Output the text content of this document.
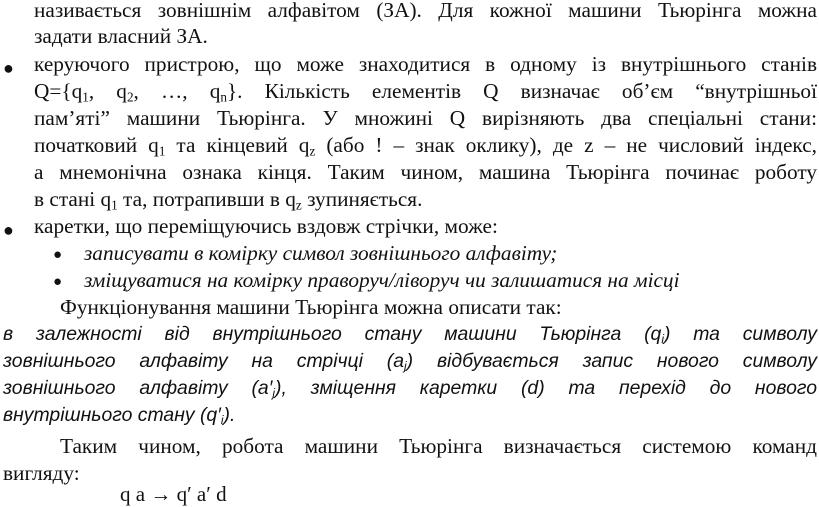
називається зовнішнім алфавітом (ЗА). Для кожної машини Тьюрінга можна
задати власний ЗА.
● керуючого пристрою, що може знаходитися в одному із внутрішнього станів
$Q=\{q_1$, $q_2$, …, $q_n$}. Кількість елементів Q визначає об’єм “внутрішньої
пам’яті” машини Тьюрінга. У множині Q вирізняють два спеціальні стани:
початковий $q_1$ та кінцевий $q_z$ (або ! – знак оклику), де z – не числовий індекс,
а мнемонічна ознака кінця. Таким чином, машина Тьюрінга починає роботу
в стані $q_1$ та, потрапивши в $q_z$ зупиняється.
● каретки, що переміщуючись вздовж стрічки, може:
● записувати в комірку символ зовнішнього алфавіту;
● зміщуватися на комірку праворуч/ліворуч чи залишатися на місці
Функціонування машини Тьюрінга можна описати так:
в залежності від внутрішнього стану машини Тьюрінга $(q_i)$ та символу
зовнішнього алфавіту на стрічці $(a_j)$ відбувається запис нового символу
зовнішнього алфавіту $(a'_j)$, зміщення каретки (d) та перехід до нового
внутрішнього стану $(q'_i)$.
Таким чином, робота машини Тьюрінга визначається системою команд
вигляду:
q a → q′ a′ d
